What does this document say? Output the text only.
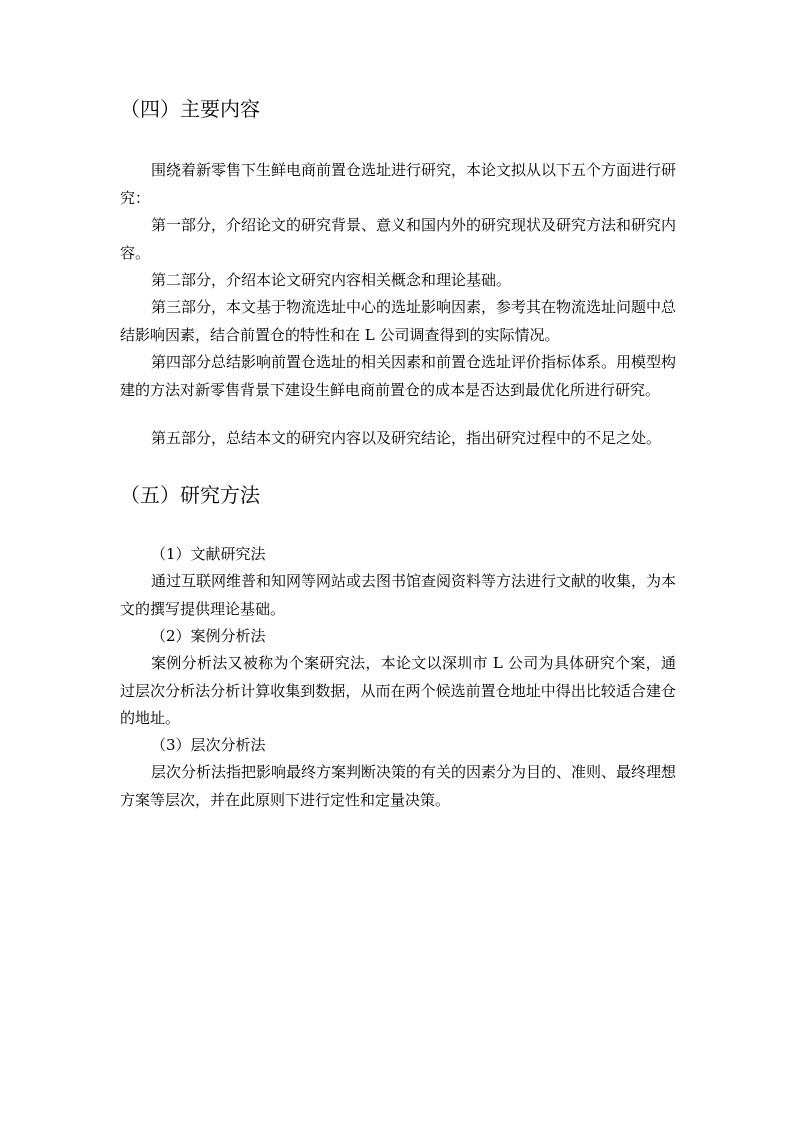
（四）主要内容

围绕着新零售下生鲜电商前置仓选址进行研究，本论文拟从以下五个方面进行研究：

第一部分，介绍论文的研究背景、意义和国内外的研究现状及研究方法和研究内容。

第二部分，介绍本论文研究内容相关概念和理论基础。

第三部分，本文基于物流选址中心的选址影响因素，参考其在物流选址问题中总结影响因素，结合前置仓的特性和在 L 公司调查得到的实际情况。

第四部分总结影响前置仓选址的相关因素和前置仓选址评价指标体系。用模型构建的方法对新零售背景下建设生鲜电商前置仓的成本是否达到最优化所进行研究。

第五部分，总结本文的研究内容以及研究结论，指出研究过程中的不足之处。

（五）研究方法
（1）文献研究法

通过互联网维普和知网等网站或去图书馆查阅资料等方法进行文献的收集，为本文的撰写提供理论基础。

（2）案例分析法

案例分析法又被称为个案研究法，本论文以深圳市 L 公司为具体研究个案，通过层次分析法分析计算收集到数据，从而在两个候选前置仓地址中得出比较适合建仓的地址。

（3）层次分析法

层次分析法指把影响最终方案判断决策的有关的因素分为目的、准则、最终理想方案等层次，并在此原则下进行定性和定量决策。
